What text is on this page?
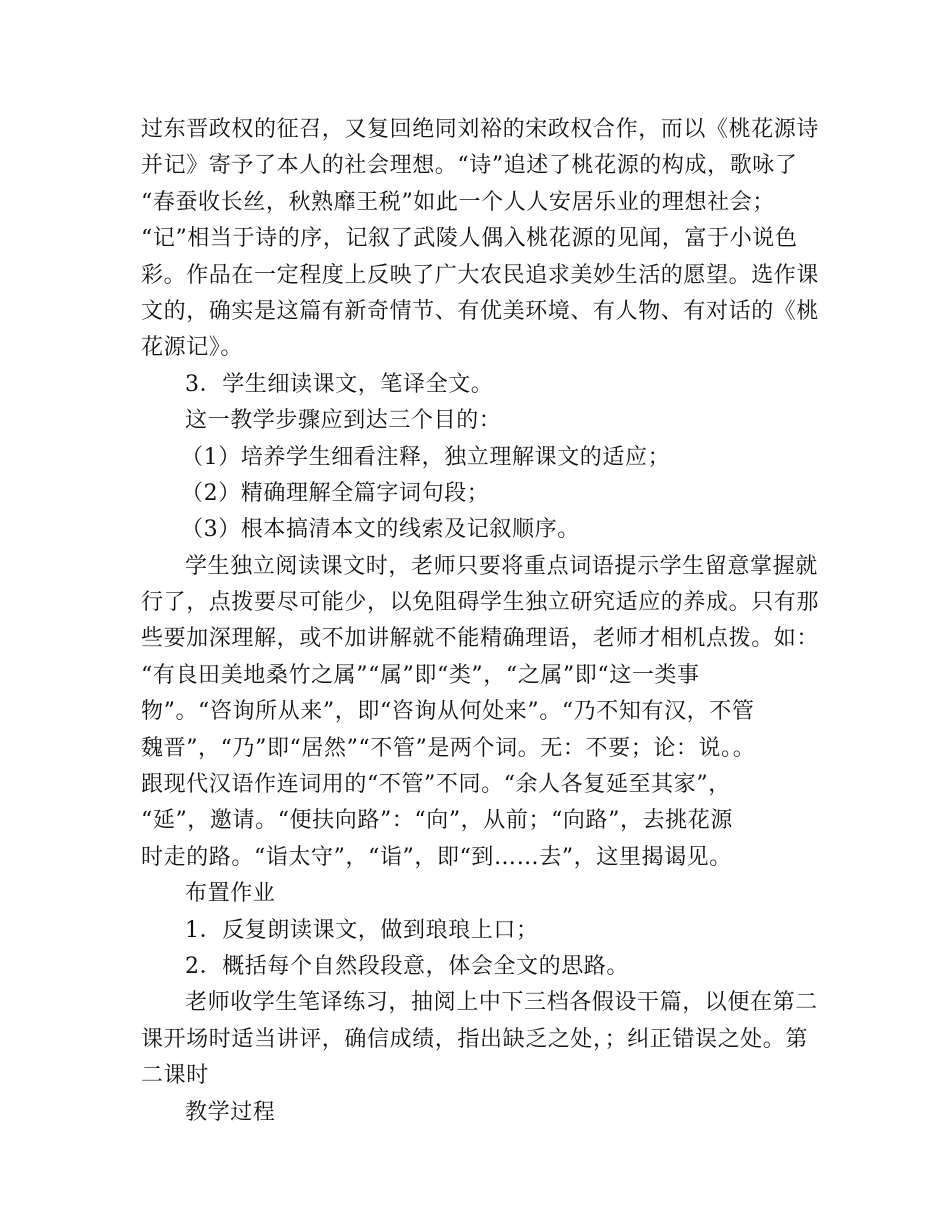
过东晋政权的征召，又复回绝同刘裕的宋政权合作，而以《桃花源诗
并记》寄予了本人的社会理想。“诗”追述了桃花源的构成，歌咏了
“春蚕收长丝，秋熟靡王税”如此一个人人安居乐业的理想社会；
“记”相当于诗的序，记叙了武陵人偶入桃花源的见闻，富于小说色
彩。作品在一定程度上反映了广大农民追求美妙生活的愿望。选作课
文的，确实是这篇有新奇情节、有优美环境、有人物、有对话的《桃
花源记》。
3．学生细读课文，笔译全文。
这一教学步骤应到达三个目的：
（1）培养学生细看注释，独立理解课文的适应；
（2）精确理解全篇字词句段；
（3）根本搞清本文的线索及记叙顺序。
学生独立阅读课文时，老师只要将重点词语提示学生留意掌握就
行了，点拨要尽可能少，以免阻碍学生独立研究适应的养成。只有那
些要加深理解，或不加讲解就不能精确理语，老师才相机点拨。如：
“有良田美地桑竹之属”“属”即“类”，“之属”即“这一类事
物”。“咨询所从来”，即“咨询从何处来”。“乃不知有汉，不管
魏晋”，“乃”即“居然”“不管”是两个词。无：不要；论：说。。
跟现代汉语作连词用的“不管”不同。“余人各复延至其家”，
“延”，邀请。“便扶向路”：“向”，从前；“向路”，去挑花源
时走的路。“诣太守”，“诣”，即“到……去”，这里揭谒见。
布置作业
1．反复朗读课文，做到琅琅上口；
2．概括每个自然段段意，体会全文的思路。
老师收学生笔译练习，抽阅上中下三档各假设干篇，以便在第二
课开场时适当讲评，确信成绩，指出缺乏之处，；纠正错误之处。第
二课时
教学过程
